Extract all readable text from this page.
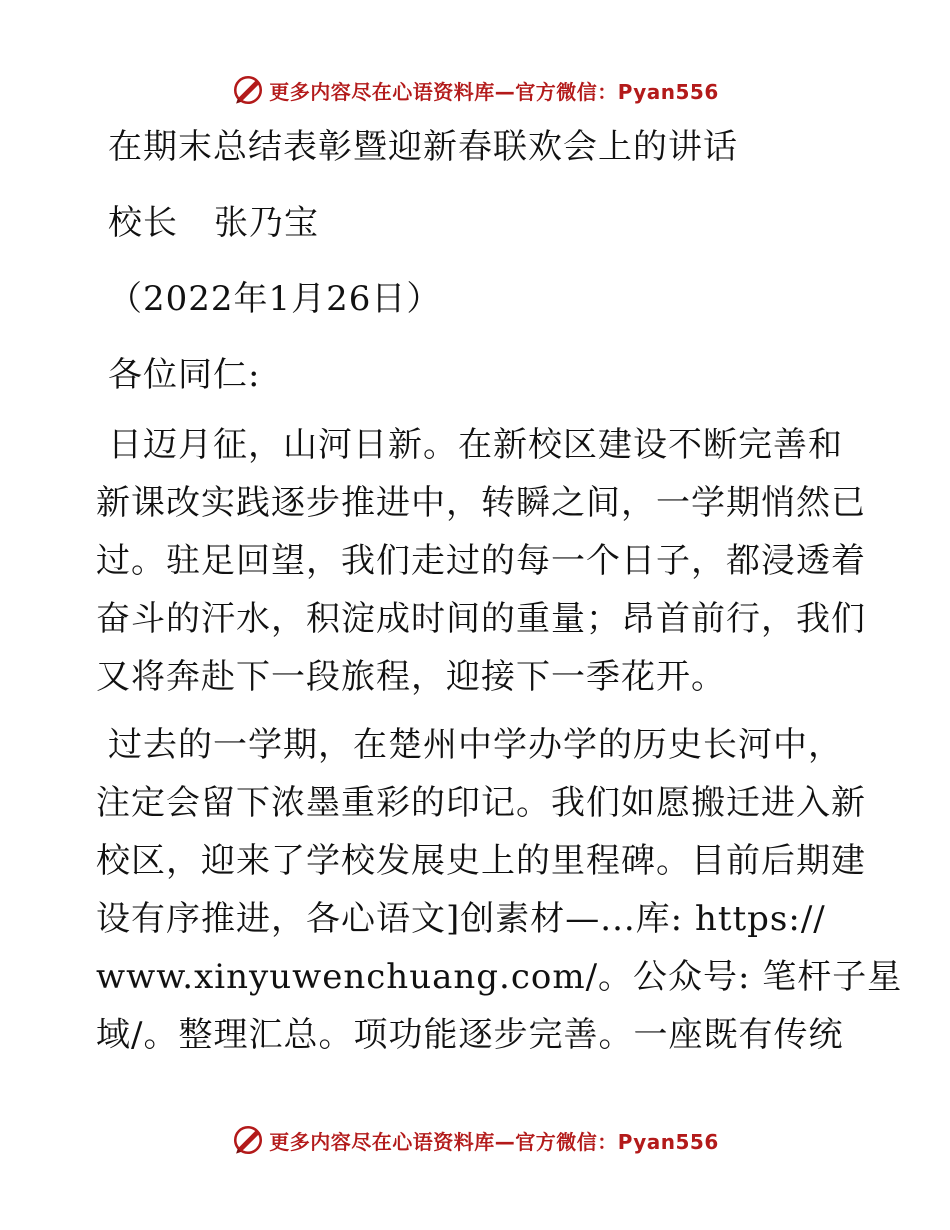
更多内容尽在心语资料库—官方微信：Pyan556
在期末总结表彰暨迎新春联欢会上的讲话
校长 张乃宝
（2022年1月26日）
各位同仁:
日迈月征，山河日新。在新校区建设不断完善和
新课改实践逐步推进中，转瞬之间，一学期悄然已
过。驻足回望，我们走过的每一个日子，都浸透着
奋斗的汗水，积淀成时间的重量；昂首前行，我们
又将奔赴下一段旅程，迎接下一季花开。
过去的一学期，在楚州中学办学的历史长河中，
注定会留下浓墨重彩的印记。我们如愿搬迁进入新
校区，迎来了学校发展史上的里程碑。目前后期建
设有序推进，各心语文]创素材—...库: https://
www.xinyuwenchuang.com/。公众号: 笔杆子星
域/。整理汇总。项功能逐步完善。一座既有传统
更多内容尽在心语资料库—官方微信：Pyan556
